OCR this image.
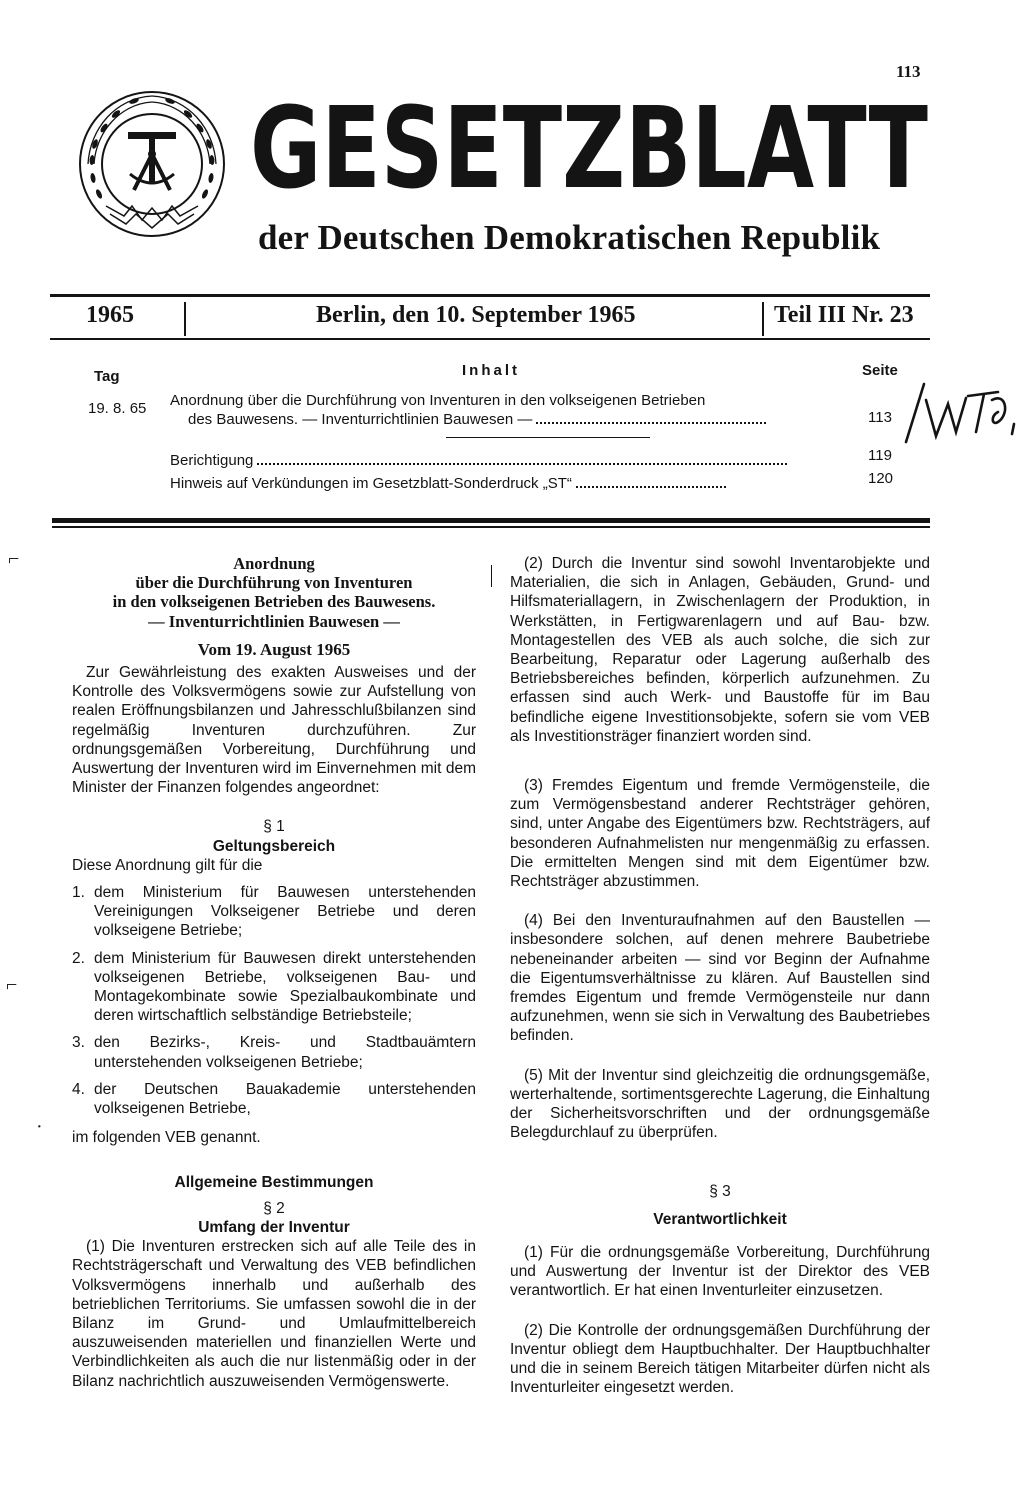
113
GESETZBLATT
der Deutschen Demokratischen Republik
1965	Berlin, den 10. September 1965	Teil III Nr. 23
Tag	Inhalt	Seite
19. 8. 65 Anordnung über die Durchführung von Inventuren in den volkseigenen Betrieben
des Bauwesens. — Inventurrichtlinien Bauwesen —	113
Berichtigung	119
Hinweis auf Verkündungen im Gesetzblatt-Sonderdruck „ST“	120
⌐
⌐
·
Anordnung
über die Durchführung von Inventuren
in den volkseigenen Betrieben des Bauwesens.
— Inventurrichtlinien Bauwesen —
Vom 19. August 1965

Zur Gewährleistung des exakten Ausweises und der Kontrolle des Volksvermögens sowie zur Aufstellung von realen Eröffnungsbilanzen und Jahresschlußbilanzen sind regelmäßig Inventuren durchzuführen. Zur ordnungsgemäßen Vorbereitung, Durchführung und Auswertung der Inventuren wird im Einvernehmen mit dem Minister der Finanzen folgendes angeordnet:

§ 1
Geltungsbereich

Diese Anordnung gilt für die

1. dem Ministerium für Bauwesen unterstehenden Vereinigungen Volkseigener Betriebe und deren volkseigene Betriebe;
2. dem Ministerium für Bauwesen direkt unterstehenden volkseigenen Betriebe, volkseigenen Bau- und Montagekombinate sowie Spezialbaukombinate und deren wirtschaftlich selbständige Betriebsteile;
3. den Bezirks-, Kreis- und Stadtbauämtern unterstehenden volkseigenen Betriebe;
4. der Deutschen Bauakademie unterstehenden volkseigenen Betriebe,

im folgenden VEB genannt.

Allgemeine Bestimmungen
§ 2
Umfang der Inventur

(1) Die Inventuren erstrecken sich auf alle Teile des in Rechtsträgerschaft und Verwaltung des VEB befindlichen Volksvermögens innerhalb und außerhalb des betrieblichen Territoriums. Sie umfassen sowohl die in der Bilanz im Grund- und Umlaufmittelbereich auszuweisenden materiellen und finanziellen Werte und Verbindlichkeiten als auch die nur listenmäßig oder in der Bilanz nachrichtlich auszuweisenden Vermögenswerte.

(2) Durch die Inventur sind sowohl Inventarobjekte und Materialien, die sich in Anlagen, Gebäuden, Grund- und Hilfsmateriallagern, in Zwischenlagern der Produktion, in Werkstätten, in Fertigwarenlagern und auf Bau- bzw. Montagestellen des VEB als auch solche, die sich zur Bearbeitung, Reparatur oder Lagerung außerhalb des Betriebsbereiches befinden, körperlich aufzunehmen. Zu erfassen sind auch Werk- und Baustoffe für im Bau befindliche eigene Investitionsobjekte, sofern sie vom VEB als Investitionsträger finanziert worden sind.

(3) Fremdes Eigentum und fremde Vermögensteile, die zum Vermögensbestand anderer Rechtsträger gehören, sind, unter Angabe des Eigentümers bzw. Rechtsträgers, auf besonderen Aufnahmelisten nur mengenmäßig zu erfassen. Die ermittelten Mengen sind mit dem Eigentümer bzw. Rechtsträger abzustimmen.

(4) Bei den Inventuraufnahmen auf den Baustellen — insbesondere solchen, auf denen mehrere Baubetriebe nebeneinander arbeiten — sind vor Beginn der Aufnahme die Eigentumsverhältnisse zu klären. Auf Baustellen sind fremdes Eigentum und fremde Vermögensteile nur dann aufzunehmen, wenn sie sich in Verwaltung des Baubetriebes befinden.

(5) Mit der Inventur sind gleichzeitig die ordnungsgemäße, werterhaltende, sortimentsgerechte Lagerung, die Einhaltung der Sicherheitsvorschriften und der ordnungsgemäße Belegdurchlauf zu überprüfen.

§ 3
Verantwortlichkeit

(1) Für die ordnungsgemäße Vorbereitung, Durchführung und Auswertung der Inventur ist der Direktor des VEB verantwortlich. Er hat einen Inventurleiter einzusetzen.

(2) Die Kontrolle der ordnungsgemäßen Durchführung der Inventur obliegt dem Hauptbuchhalter. Der Hauptbuchhalter und die in seinem Bereich tätigen Mitarbeiter dürfen nicht als Inventurleiter eingesetzt werden.
